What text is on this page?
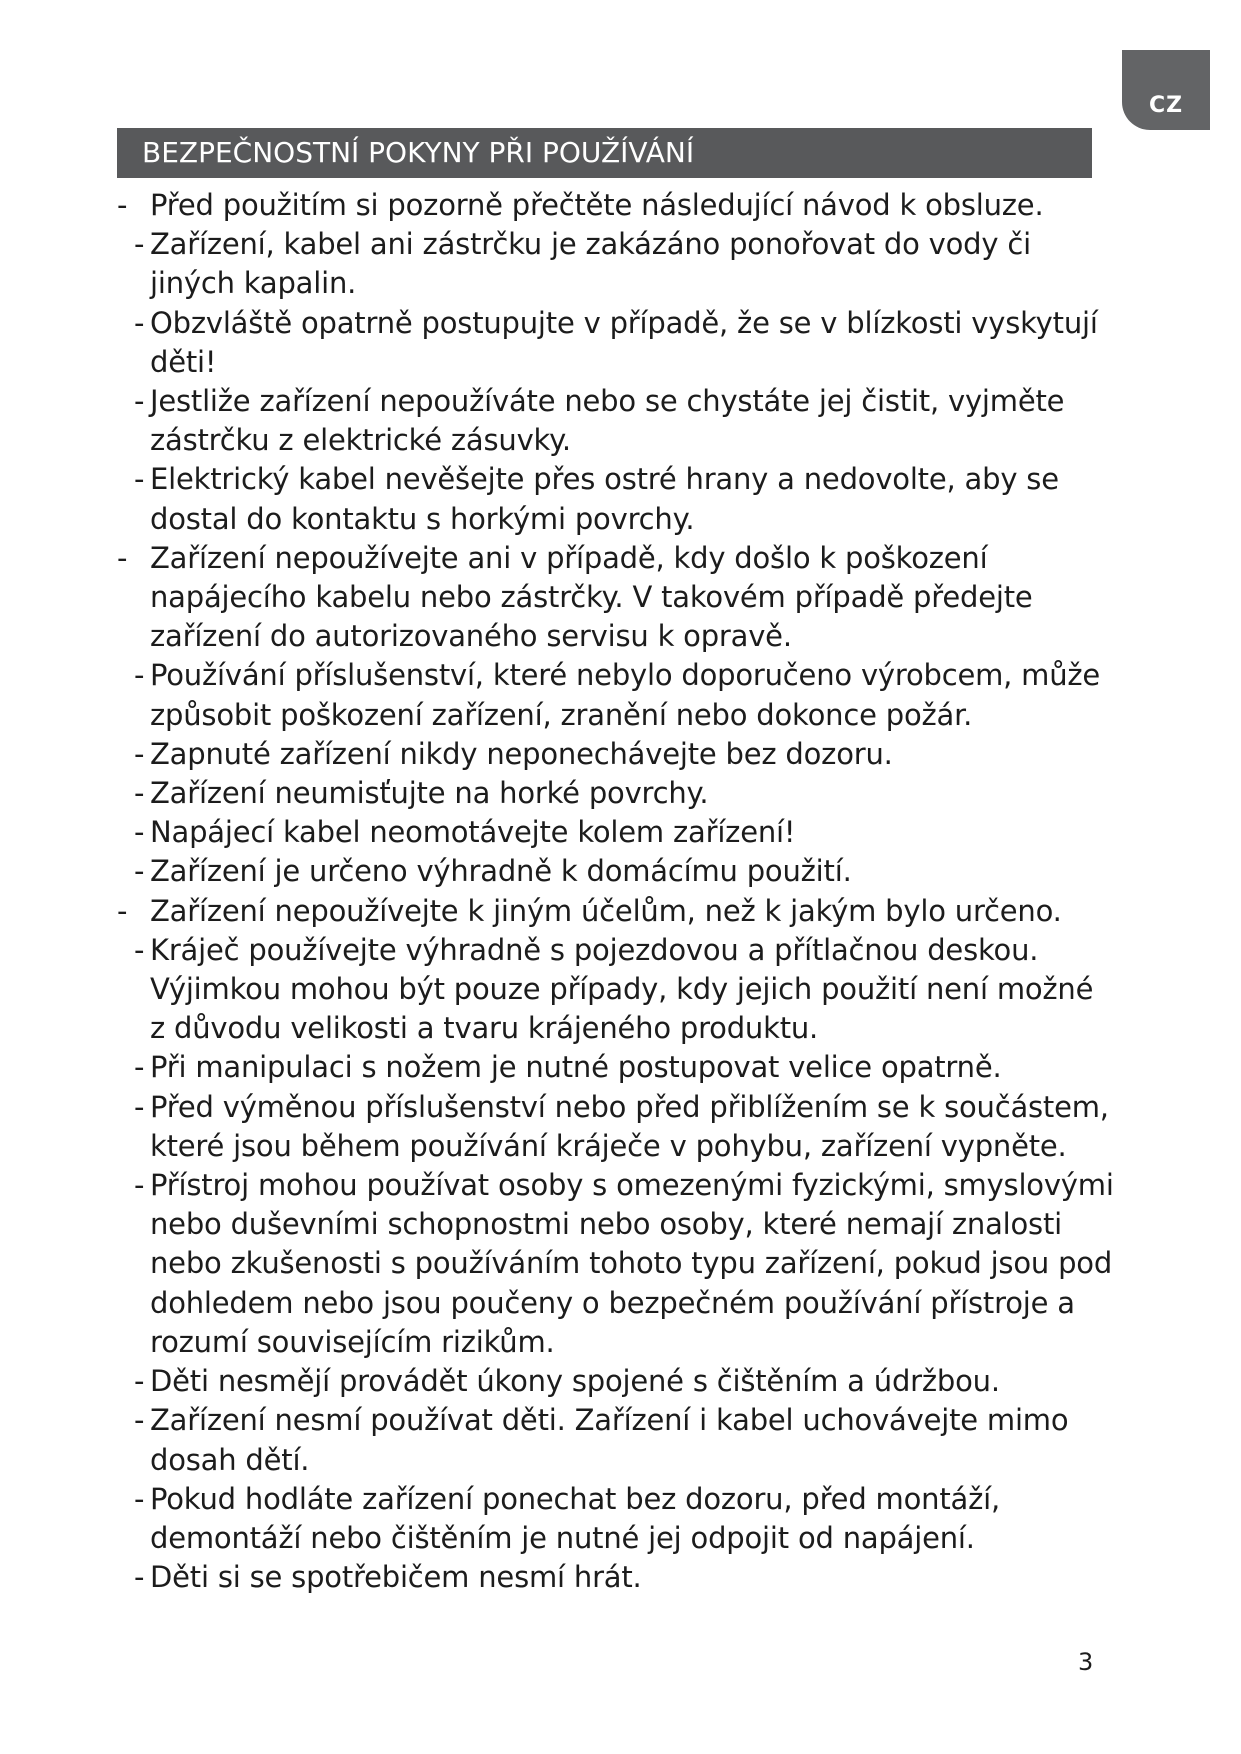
CZ
BEZPEČNOSTNÍ POKYNY PŘI POUŽÍVÁNÍ
- Před použitím si pozorně přečtěte následující návod k obsluze.
- Zařízení, kabel ani zástrčku je zakázáno ponořovat do vody či jiných kapalin.
- Obzvláště opatrně postupujte v případě, že se v blízkosti vyskytují děti!
- Jestliže zařízení nepoužíváte nebo se chystáte jej čistit, vyjměte zástrčku z elektrické zásuvky.
- Elektrický kabel nevěšejte přes ostré hrany a nedovolte, aby se dostal do kontaktu s horkými povrchy.
- Zařízení nepoužívejte ani v případě, kdy došlo k poškození napájecího kabelu nebo zástrčky. V takovém případě předejte zařízení do autorizovaného servisu k opravě.
- Používání příslušenství, které nebylo doporučeno výrobcem, může způsobit poškození zařízení, zranění nebo dokonce požár.
- Zapnuté zařízení nikdy neponechávejte bez dozoru.
- Zařízení neumisťujte na horké povrchy.
- Napájecí kabel neomotávejte kolem zařízení!
- Zařízení je určeno výhradně k domácímu použití.
- Zařízení nepoužívejte k jiným účelům, než k jakým bylo určeno.
- Kráječ používejte výhradně s pojezdovou a přítlačnou deskou. Výjimkou mohou být pouze případy, kdy jejich použití není možné z důvodu velikosti a tvaru krájeného produktu.
- Při manipulaci s nožem je nutné postupovat velice opatrně.
- Před výměnou příslušenství nebo před přiblížením se k součástem, které jsou během používání kráječe v pohybu, zařízení vypněte.
- Přístroj mohou používat osoby s omezenými fyzickými, smyslovými nebo duševními schopnostmi nebo osoby, které nemají znalosti nebo zkušenosti s používáním tohoto typu zařízení, pokud jsou pod dohledem nebo jsou poučeny o bezpečném používání přístroje a rozumí souvisejícím rizikům.
- Děti nesmějí provádět úkony spojené s čištěním a údržbou.
- Zařízení nesmí používat děti. Zařízení i kabel uchovávejte mimo dosah dětí.
- Pokud hodláte zařízení ponechat bez dozoru, před montáží, demontáží nebo čištěním je nutné jej odpojit od napájení.
- Děti si se spotřebičem nesmí hrát.
3
